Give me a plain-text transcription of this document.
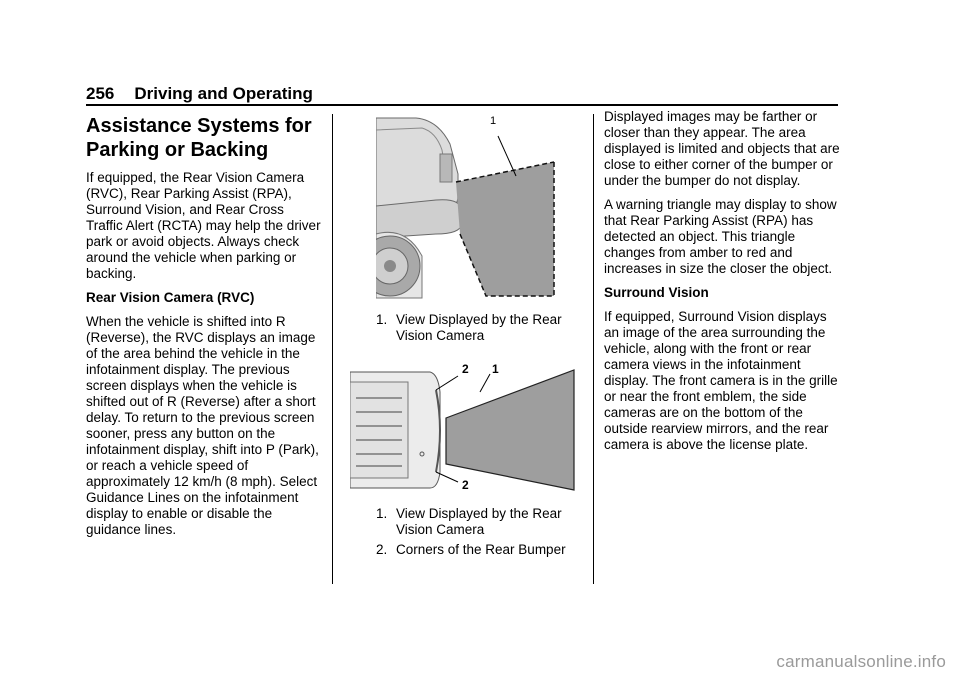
256 Driving and Operating
Assistance Systems for Parking or Backing

If equipped, the Rear Vision Camera (RVC), Rear Parking Assist (RPA), Surround Vision, and Rear Cross Traffic Alert (RCTA) may help the driver park or avoid objects. Always check around the vehicle when parking or backing.

Rear Vision Camera (RVC)

When the vehicle is shifted into R (Reverse), the RVC displays an image of the area behind the vehicle in the infotainment display. The previous screen displays when the vehicle is shifted out of R (Reverse) after a short delay. To return to the previous screen sooner, press any button on the infotainment display, shift into P (Park), or reach a vehicle speed of approximately 12 km/h (8 mph). Select Guidance Lines on the infotainment display to enable or disable the guidance lines.

1
1. View Displayed by the Rear Vision Camera
2 1
2
1. View Displayed by the Rear Vision Camera
2. Corners of the Rear Bumper

Displayed images may be farther or closer than they appear. The area displayed is limited and objects that are close to either corner of the bumper or under the bumper do not display.

A warning triangle may display to show that Rear Parking Assist (RPA) has detected an object. This triangle changes from amber to red and increases in size the closer the object.

Surround Vision

If equipped, Surround Vision displays an image of the area surrounding the vehicle, along with the front or rear camera views in the infotainment display. The front camera is in the grille or near the front emblem, the side cameras are on the bottom of the outside rearview mirrors, and the rear camera is above the license plate.

carmanualsonline.info
